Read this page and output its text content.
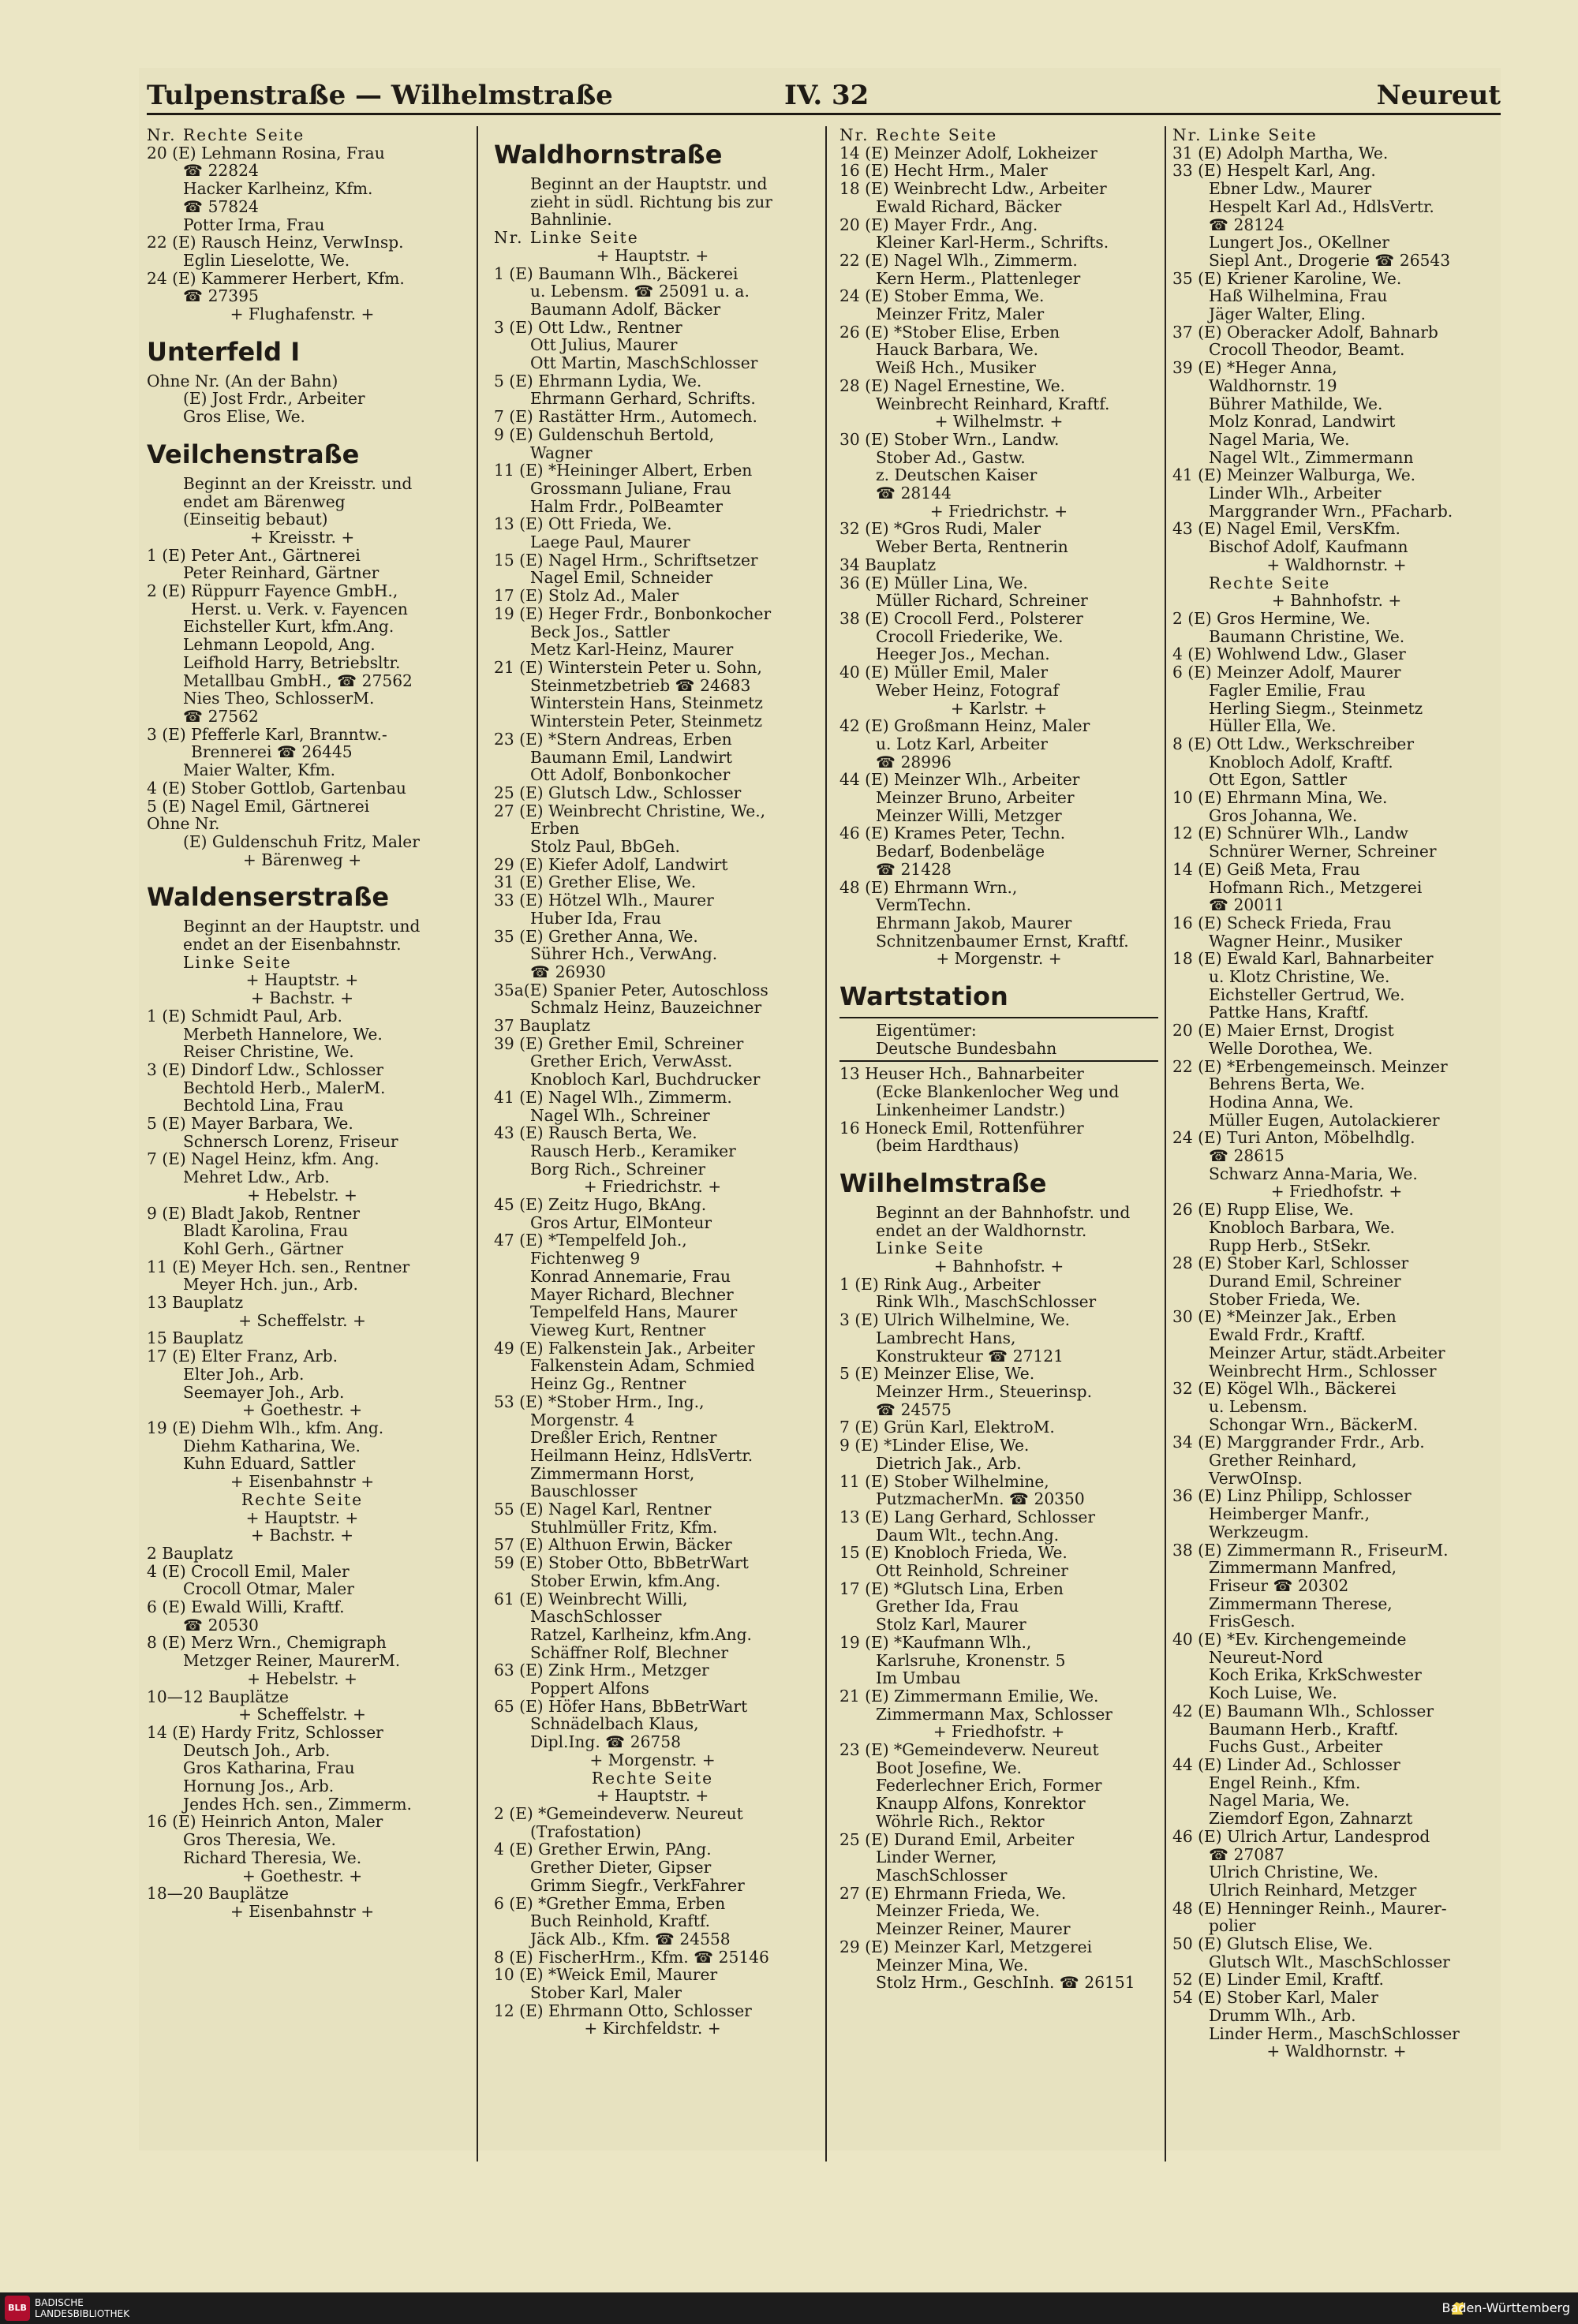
Tulpenstraße — Wilhelmstraße	IV. 32	Neureut
Nr. Rechte Seite
20 (E) Lehmann Rosina, Frau
☎ 22824
Hacker Karlheinz, Kfm.
☎ 57824
Potter Irma, Frau
22 (E) Rausch Heinz, VerwInsp.
Eglin Lieselotte, We.
24 (E) Kammerer Herbert, Kfm.
☎ 27395
+ Flughafenstr. +
Unterfeld I
Ohne Nr. (An der Bahn)
(E) Jost Frdr., Arbeiter
Gros Elise, We.
Veilchenstraße
Beginnt an der Kreisstr. und
endet am Bärenweg
(Einseitig bebaut)
+ Kreisstr. +
1 (E) Peter Ant., Gärtnerei
Peter Reinhard, Gärtner
2 (E) Rüppurr Fayence GmbH.,
Herst. u. Verk. v. Fayencen
Eichsteller Kurt, kfm.Ang.
Lehmann Leopold, Ang.
Leifhold Harry, Betriebsltr.
Metallbau GmbH., ☎ 27562
Nies Theo, SchlosserM.
☎ 27562
3 (E) Pfefferle Karl, Branntw.-
Brennerei ☎ 26445
Maier Walter, Kfm.
4 (E) Stober Gottlob, Gartenbau
5 (E) Nagel Emil, Gärtnerei
Ohne Nr.
(E) Guldenschuh Fritz, Maler
+ Bärenweg +
Waldenserstraße
Beginnt an der Hauptstr. und
endet an der Eisenbahnstr.
Linke Seite
+ Hauptstr. +
+ Bachstr. +
1 (E) Schmidt Paul, Arb.
Merbeth Hannelore, We.
Reiser Christine, We.
3 (E) Dindorf Ldw., Schlosser
Bechtold Herb., MalerM.
Bechtold Lina, Frau
5 (E) Mayer Barbara, We.
Schnersch Lorenz, Friseur
7 (E) Nagel Heinz, kfm. Ang.
Mehret Ldw., Arb.
+ Hebelstr. +
9 (E) Bladt Jakob, Rentner
Bladt Karolina, Frau
Kohl Gerh., Gärtner
11 (E) Meyer Hch. sen., Rentner
Meyer Hch. jun., Arb.
13 Bauplatz
+ Scheffelstr. +
15 Bauplatz
17 (E) Elter Franz, Arb.
Elter Joh., Arb.
Seemayer Joh., Arb.
+ Goethestr. +
19 (E) Diehm Wlh., kfm. Ang.
Diehm Katharina, We.
Kuhn Eduard, Sattler
+ Eisenbahnstr +
Rechte Seite
+ Hauptstr. +
+ Bachstr. +
2 Bauplatz
4 (E) Crocoll Emil, Maler
Crocoll Otmar, Maler
6 (E) Ewald Willi, Kraftf.
☎ 20530
8 (E) Merz Wrn., Chemigraph
Metzger Reiner, MaurerM.
+ Hebelstr. +
10—12 Bauplätze
+ Scheffelstr. +
14 (E) Hardy Fritz, Schlosser
Deutsch Joh., Arb.
Gros Katharina, Frau
Hornung Jos., Arb.
Jendes Hch. sen., Zimmerm.
16 (E) Heinrich Anton, Maler
Gros Theresia, We.
Richard Theresia, We.
+ Goethestr. +
18—20 Bauplätze
+ Eisenbahnstr +
Waldhornstraße
Beginnt an der Hauptstr. und
zieht in südl. Richtung bis zur
Bahnlinie.
Nr. Linke Seite
+ Hauptstr. +
1 (E) Baumann Wlh., Bäckerei
u. Lebensm. ☎ 25091 u. a.
Baumann Adolf, Bäcker
3 (E) Ott Ldw., Rentner
Ott Julius, Maurer
Ott Martin, MaschSchlosser
5 (E) Ehrmann Lydia, We.
Ehrmann Gerhard, Schrifts.
7 (E) Rastätter Hrm., Automech.
9 (E) Guldenschuh Bertold,
Wagner
11 (E) *Heininger Albert, Erben
Grossmann Juliane, Frau
Halm Frdr., PolBeamter
13 (E) Ott Frieda, We.
Laege Paul, Maurer
15 (E) Nagel Hrm., Schriftsetzer
Nagel Emil, Schneider
17 (E) Stolz Ad., Maler
19 (E) Heger Frdr., Bonbonkocher
Beck Jos., Sattler
Metz Karl-Heinz, Maurer
21 (E) Winterstein Peter u. Sohn,
Steinmetzbetrieb ☎ 24683
Winterstein Hans, Steinmetz
Winterstein Peter, Steinmetz
23 (E) *Stern Andreas, Erben
Baumann Emil, Landwirt
Ott Adolf, Bonbonkocher
25 (E) Glutsch Ldw., Schlosser
27 (E) Weinbrecht Christine, We.,
Erben
Stolz Paul, BbGeh.
29 (E) Kiefer Adolf, Landwirt
31 (E) Grether Elise, We.
33 (E) Hötzel Wlh., Maurer
Huber Ida, Frau
35 (E) Grether Anna, We.
Sührer Hch., VerwAng.
☎ 26930
35a(E) Spanier Peter, Autoschloss
Schmalz Heinz, Bauzeichner
37 Bauplatz
39 (E) Grether Emil, Schreiner
Grether Erich, VerwAsst.
Knobloch Karl, Buchdrucker
41 (E) Nagel Wlh., Zimmerm.
Nagel Wlh., Schreiner
43 (E) Rausch Berta, We.
Rausch Herb., Keramiker
Borg Rich., Schreiner
+ Friedrichstr. +
45 (E) Zeitz Hugo, BkAng.
Gros Artur, ElMonteur
47 (E) *Tempelfeld Joh.,
Fichtenweg 9
Konrad Annemarie, Frau
Mayer Richard, Blechner
Tempelfeld Hans, Maurer
Vieweg Kurt, Rentner
49 (E) Falkenstein Jak., Arbeiter
Falkenstein Adam, Schmied
Heinz Gg., Rentner
53 (E) *Stober Hrm., Ing.,
Morgenstr. 4
Dreßler Erich, Rentner
Heilmann Heinz, HdlsVertr.
Zimmermann Horst,
Bauschlosser
55 (E) Nagel Karl, Rentner
Stuhlmüller Fritz, Kfm.
57 (E) Althuon Erwin, Bäcker
59 (E) Stober Otto, BbBetrWart
Stober Erwin, kfm.Ang.
61 (E) Weinbrecht Willi,
MaschSchlosser
Ratzel, Karlheinz, kfm.Ang.
Schäffner Rolf, Blechner
63 (E) Zink Hrm., Metzger
Poppert Alfons
65 (E) Höfer Hans, BbBetrWart
Schnädelbach Klaus,
Dipl.Ing. ☎ 26758
+ Morgenstr. +
Rechte Seite
+ Hauptstr. +
2 (E) *Gemeindeverw. Neureut
(Trafostation)
4 (E) Grether Erwin, PAng.
Grether Dieter, Gipser
Grimm Siegfr., VerkFahrer
6 (E) *Grether Emma, Erben
Buch Reinhold, Kraftf.
Jäck Alb., Kfm. ☎ 24558
8 (E) FischerHrm., Kfm. ☎ 25146
10 (E) *Weick Emil, Maurer
Stober Karl, Maler
12 (E) Ehrmann Otto, Schlosser
+ Kirchfeldstr. +
Nr. Rechte Seite
14 (E) Meinzer Adolf, Lokheizer
16 (E) Hecht Hrm., Maler
18 (E) Weinbrecht Ldw., Arbeiter
Ewald Richard, Bäcker
20 (E) Mayer Frdr., Ang.
Kleiner Karl-Herm., Schrifts.
22 (E) Nagel Wlh., Zimmerm.
Kern Herm., Plattenleger
24 (E) Stober Emma, We.
Meinzer Fritz, Maler
26 (E) *Stober Elise, Erben
Hauck Barbara, We.
Weiß Hch., Musiker
28 (E) Nagel Ernestine, We.
Weinbrecht Reinhard, Kraftf.
+ Wilhelmstr. +
30 (E) Stober Wrn., Landw.
Stober Ad., Gastw.
z. Deutschen Kaiser
☎ 28144
+ Friedrichstr. +
32 (E) *Gros Rudi, Maler
Weber Berta, Rentnerin
34 Bauplatz
36 (E) Müller Lina, We.
Müller Richard, Schreiner
38 (E) Crocoll Ferd., Polsterer
Crocoll Friederike, We.
Heeger Jos., Mechan.
40 (E) Müller Emil, Maler
Weber Heinz, Fotograf
+ Karlstr. +
42 (E) Großmann Heinz, Maler
u. Lotz Karl, Arbeiter
☎ 28996
44 (E) Meinzer Wlh., Arbeiter
Meinzer Bruno, Arbeiter
Meinzer Willi, Metzger
46 (E) Krames Peter, Techn.
Bedarf, Bodenbeläge
☎ 21428
48 (E) Ehrmann Wrn.,
VermTechn.
Ehrmann Jakob, Maurer
Schnitzenbaumer Ernst, Kraftf.
+ Morgenstr. +
Wartstation
Eigentümer:
Deutsche Bundesbahn
13 Heuser Hch., Bahnarbeiter
(Ecke Blankenlocher Weg und
Linkenheimer Landstr.)
16 Honeck Emil, Rottenführer
(beim Hardthaus)
Wilhelmstraße
Beginnt an der Bahnhofstr. und
endet an der Waldhornstr.
Linke Seite
+ Bahnhofstr. +
1 (E) Rink Aug., Arbeiter
Rink Wlh., MaschSchlosser
3 (E) Ulrich Wilhelmine, We.
Lambrecht Hans,
Konstrukteur ☎ 27121
5 (E) Meinzer Elise, We.
Meinzer Hrm., Steuerinsp.
☎ 24575
7 (E) Grün Karl, ElektroM.
9 (E) *Linder Elise, We.
Dietrich Jak., Arb.
11 (E) Stober Wilhelmine,
PutzmacherMn. ☎ 20350
13 (E) Lang Gerhard, Schlosser
Daum Wlt., techn.Ang.
15 (E) Knobloch Frieda, We.
Ott Reinhold, Schreiner
17 (E) *Glutsch Lina, Erben
Grether Ida, Frau
Stolz Karl, Maurer
19 (E) *Kaufmann Wlh.,
Karlsruhe, Kronenstr. 5
Im Umbau
21 (E) Zimmermann Emilie, We.
Zimmermann Max, Schlosser
+ Friedhofstr. +
23 (E) *Gemeindeverw. Neureut
Boot Josefine, We.
Federlechner Erich, Former
Knaupp Alfons, Konrektor
Wöhrle Rich., Rektor
25 (E) Durand Emil, Arbeiter
Linder Werner,
MaschSchlosser
27 (E) Ehrmann Frieda, We.
Meinzer Frieda, We.
Meinzer Reiner, Maurer
29 (E) Meinzer Karl, Metzgerei
Meinzer Mina, We.
Stolz Hrm., GeschInh. ☎ 26151
Nr. Linke Seite
31 (E) Adolph Martha, We.
33 (E) Hespelt Karl, Ang.
Ebner Ldw., Maurer
Hespelt Karl Ad., HdlsVertr.
☎ 28124
Lungert Jos., OKellner
Siepl Ant., Drogerie ☎ 26543
35 (E) Kriener Karoline, We.
Haß Wilhelmina, Frau
Jäger Walter, Eling.
37 (E) Oberacker Adolf, Bahnarb
Crocoll Theodor, Beamt.
39 (E) *Heger Anna,
Waldhornstr. 19
Bührer Mathilde, We.
Molz Konrad, Landwirt
Nagel Maria, We.
Nagel Wlt., Zimmermann
41 (E) Meinzer Walburga, We.
Linder Wlh., Arbeiter
Marggrander Wrn., PFacharb.
43 (E) Nagel Emil, VersKfm.
Bischof Adolf, Kaufmann
+ Waldhornstr. +
Rechte Seite
+ Bahnhofstr. +
2 (E) Gros Hermine, We.
Baumann Christine, We.
4 (E) Wohlwend Ldw., Glaser
6 (E) Meinzer Adolf, Maurer
Fagler Emilie, Frau
Herling Siegm., Steinmetz
Hüller Ella, We.
8 (E) Ott Ldw., Werkschreiber
Knobloch Adolf, Kraftf.
Ott Egon, Sattler
10 (E) Ehrmann Mina, We.
Gros Johanna, We.
12 (E) Schnürer Wlh., Landw
Schnürer Werner, Schreiner
14 (E) Geiß Meta, Frau
Hofmann Rich., Metzgerei
☎ 20011
16 (E) Scheck Frieda, Frau
Wagner Heinr., Musiker
18 (E) Ewald Karl, Bahnarbeiter
u. Klotz Christine, We.
Eichsteller Gertrud, We.
Pattke Hans, Kraftf.
20 (E) Maier Ernst, Drogist
Welle Dorothea, We.
22 (E) *Erbengemeinsch. Meinzer
Behrens Berta, We.
Hodina Anna, We.
Müller Eugen, Autolackierer
24 (E) Turi Anton, Möbelhdlg.
☎ 28615
Schwarz Anna-Maria, We.
+ Friedhofstr. +
26 (E) Rupp Elise, We.
Knobloch Barbara, We.
Rupp Herb., StSekr.
28 (E) Stober Karl, Schlosser
Durand Emil, Schreiner
Stober Frieda, We.
30 (E) *Meinzer Jak., Erben
Ewald Frdr., Kraftf.
Meinzer Artur, städt.Arbeiter
Weinbrecht Hrm., Schlosser
32 (E) Kögel Wlh., Bäckerei
u. Lebensm.
Schongar Wrn., BäckerM.
34 (E) Marggrander Frdr., Arb.
Grether Reinhard,
VerwOInsp.
36 (E) Linz Philipp, Schlosser
Heimberger Manfr.,
Werkzeugm.
38 (E) Zimmermann R., FriseurM.
Zimmermann Manfred,
Friseur ☎ 20302
Zimmermann Therese,
FrisGesch.
40 (E) *Ev. Kirchengemeinde
Neureut-Nord
Koch Erika, KrkSchwester
Koch Luise, We.
42 (E) Baumann Wlh., Schlosser
Baumann Herb., Kraftf.
Fuchs Gust., Arbeiter
44 (E) Linder Ad., Schlosser
Engel Reinh., Kfm.
Nagel Maria, We.
Ziemdorf Egon, Zahnarzt
46 (E) Ulrich Artur, Landesprod
☎ 27087
Ulrich Christine, We.
Ulrich Reinhard, Metzger
48 (E) Henninger Reinh., Maurer-
polier
50 (E) Glutsch Elise, We.
Glutsch Wlt., MaschSchlosser
52 (E) Linder Emil, Kraftf.
54 (E) Stober Karl, Maler
Drumm Wlh., Arb.
Linder Herm., MaschSchlosser
+ Waldhornstr. +
BLB BADISCHE
LANDESBIBLIOTHEK	Baden-Württemberg
